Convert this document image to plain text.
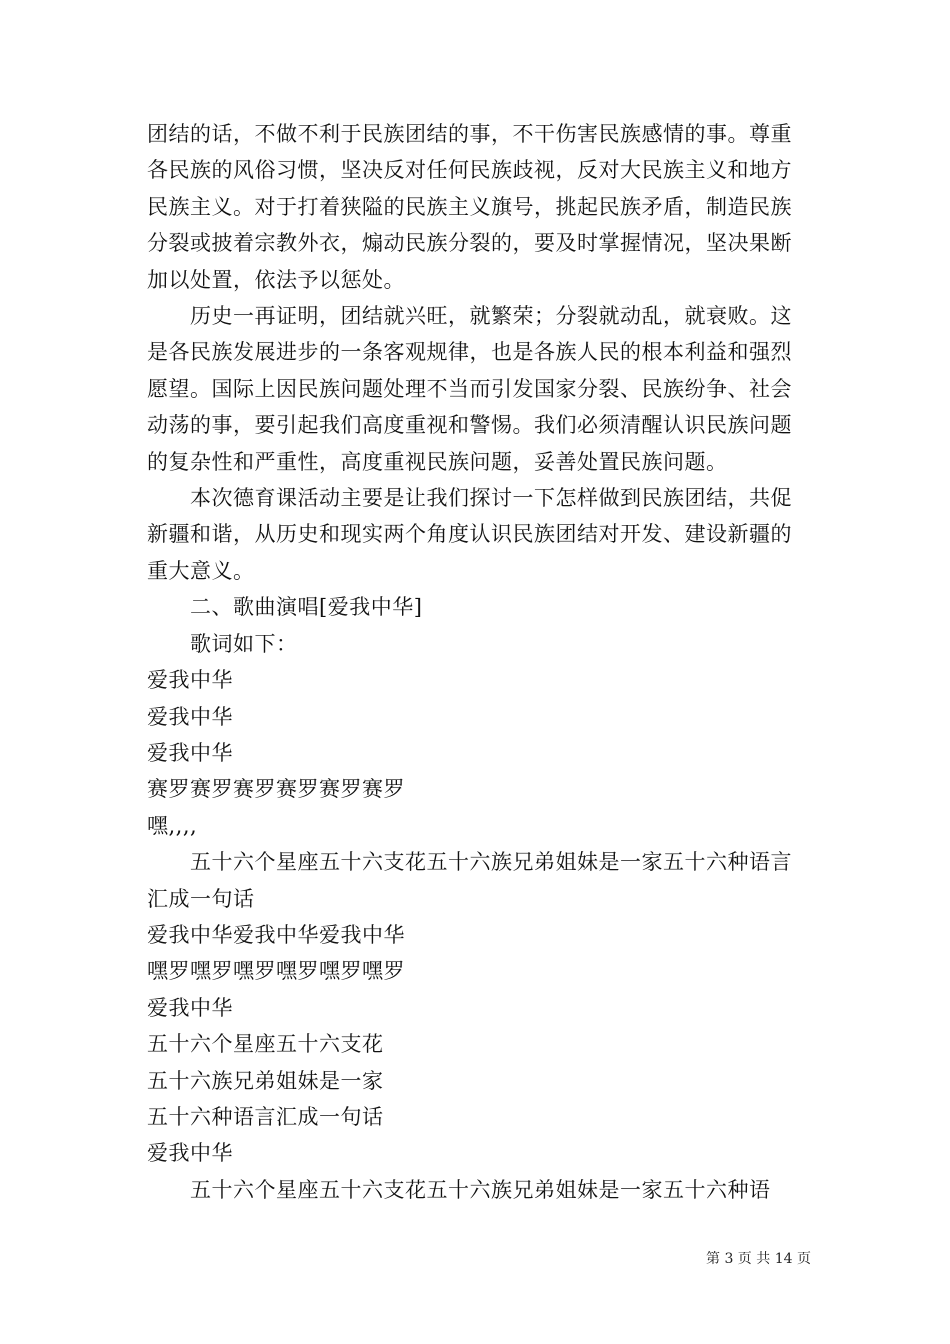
团结的话，不做不利于民族团结的事，不干伤害民族感情的事。尊重各民族的风俗习惯，坚决反对任何民族歧视，反对大民族主义和地方民族主义。对于打着狭隘的民族主义旗号，挑起民族矛盾，制造民族分裂或披着宗教外衣，煽动民族分裂的，要及时掌握情况，坚决果断加以处置，依法予以惩处。

历史一再证明，团结就兴旺，就繁荣；分裂就动乱，就衰败。这是各民族发展进步的一条客观规律，也是各族人民的根本利益和强烈愿望。国际上因民族问题处理不当而引发国家分裂、民族纷争、社会动荡的事，要引起我们高度重视和警惕。我们必须清醒认识民族问题的复杂性和严重性，高度重视民族问题，妥善处置民族问题。

本次德育课活动主要是让我们探讨一下怎样做到民族团结，共促新疆和谐，从历史和现实两个角度认识民族团结对开发、建设新疆的重大意义。

二、歌曲演唱[爱我中华]

歌词如下：

爱我中华

爱我中华

爱我中华

赛罗赛罗赛罗赛罗赛罗赛罗

嘿,,,,

五十六个星座五十六支花五十六族兄弟姐妹是一家五十六种语言汇成一句话

爱我中华爱我中华爱我中华

嘿罗嘿罗嘿罗嘿罗嘿罗嘿罗

爱我中华

五十六个星座五十六支花

五十六族兄弟姐妹是一家

五十六种语言汇成一句话

爱我中华

五十六个星座五十六支花五十六族兄弟姐妹是一家五十六种语

第 3 页 共 14 页
